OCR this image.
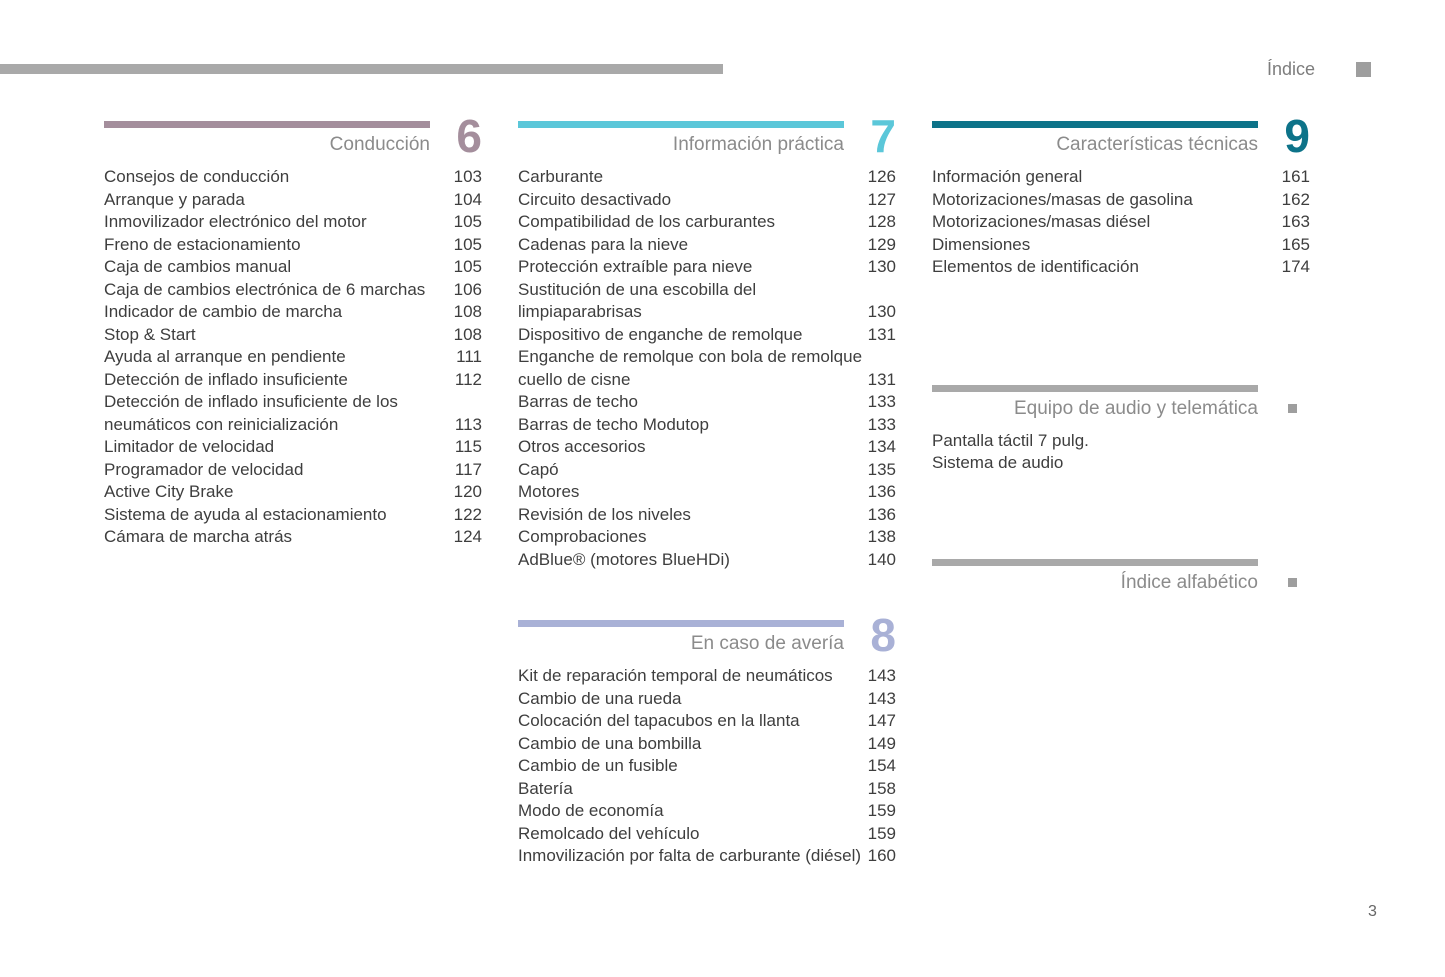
Índice
Conducción 6
Consejos de conducción	103
Arranque y parada	104
Inmovilizador electrónico del motor	105
Freno de estacionamiento	105
Caja de cambios manual	105
Caja de cambios electrónica de 6 marchas	106
Indicador de cambio de marcha	108
Stop & Start	108
Ayuda al arranque en pendiente	111
Detección de inflado insuficiente	112
Detección de inflado insuficiente de los neumáticos con reinicialización	113
Limitador de velocidad	115
Programador de velocidad	117
Active City Brake	120
Sistema de ayuda al estacionamiento	122
Cámara de marcha atrás	124
Información práctica 7
Carburante	126
Circuito desactivado	127
Compatibilidad de los carburantes	128
Cadenas para la nieve	129
Protección extraíble para nieve	130
Sustitución de una escobilla del limpiaparabrisas	130
Dispositivo de enganche de remolque	131
Enganche de remolque con bola de remolque cuello de cisne	131
Barras de techo	133
Barras de techo Modutop	133
Otros accesorios	134
Capó	135
Motores	136
Revisión de los niveles	136
Comprobaciones	138
AdBlue® (motores BlueHDi)	140
En caso de avería 8
Kit de reparación temporal de neumáticos	143
Cambio de una rueda	143
Colocación del tapacubos en la llanta	147
Cambio de una bombilla	149
Cambio de un fusible	154
Batería	158
Modo de economía	159
Remolcado del vehículo	159
Inmovilización por falta de carburante (diésel) 160
Características técnicas 9
Información general	161
Motorizaciones/masas de gasolina	162
Motorizaciones/masas diésel	163
Dimensiones	165
Elementos de identificación	174
Equipo de audio y telemática
Pantalla táctil 7 pulg.
Sistema de audio
Índice alfabético
3
